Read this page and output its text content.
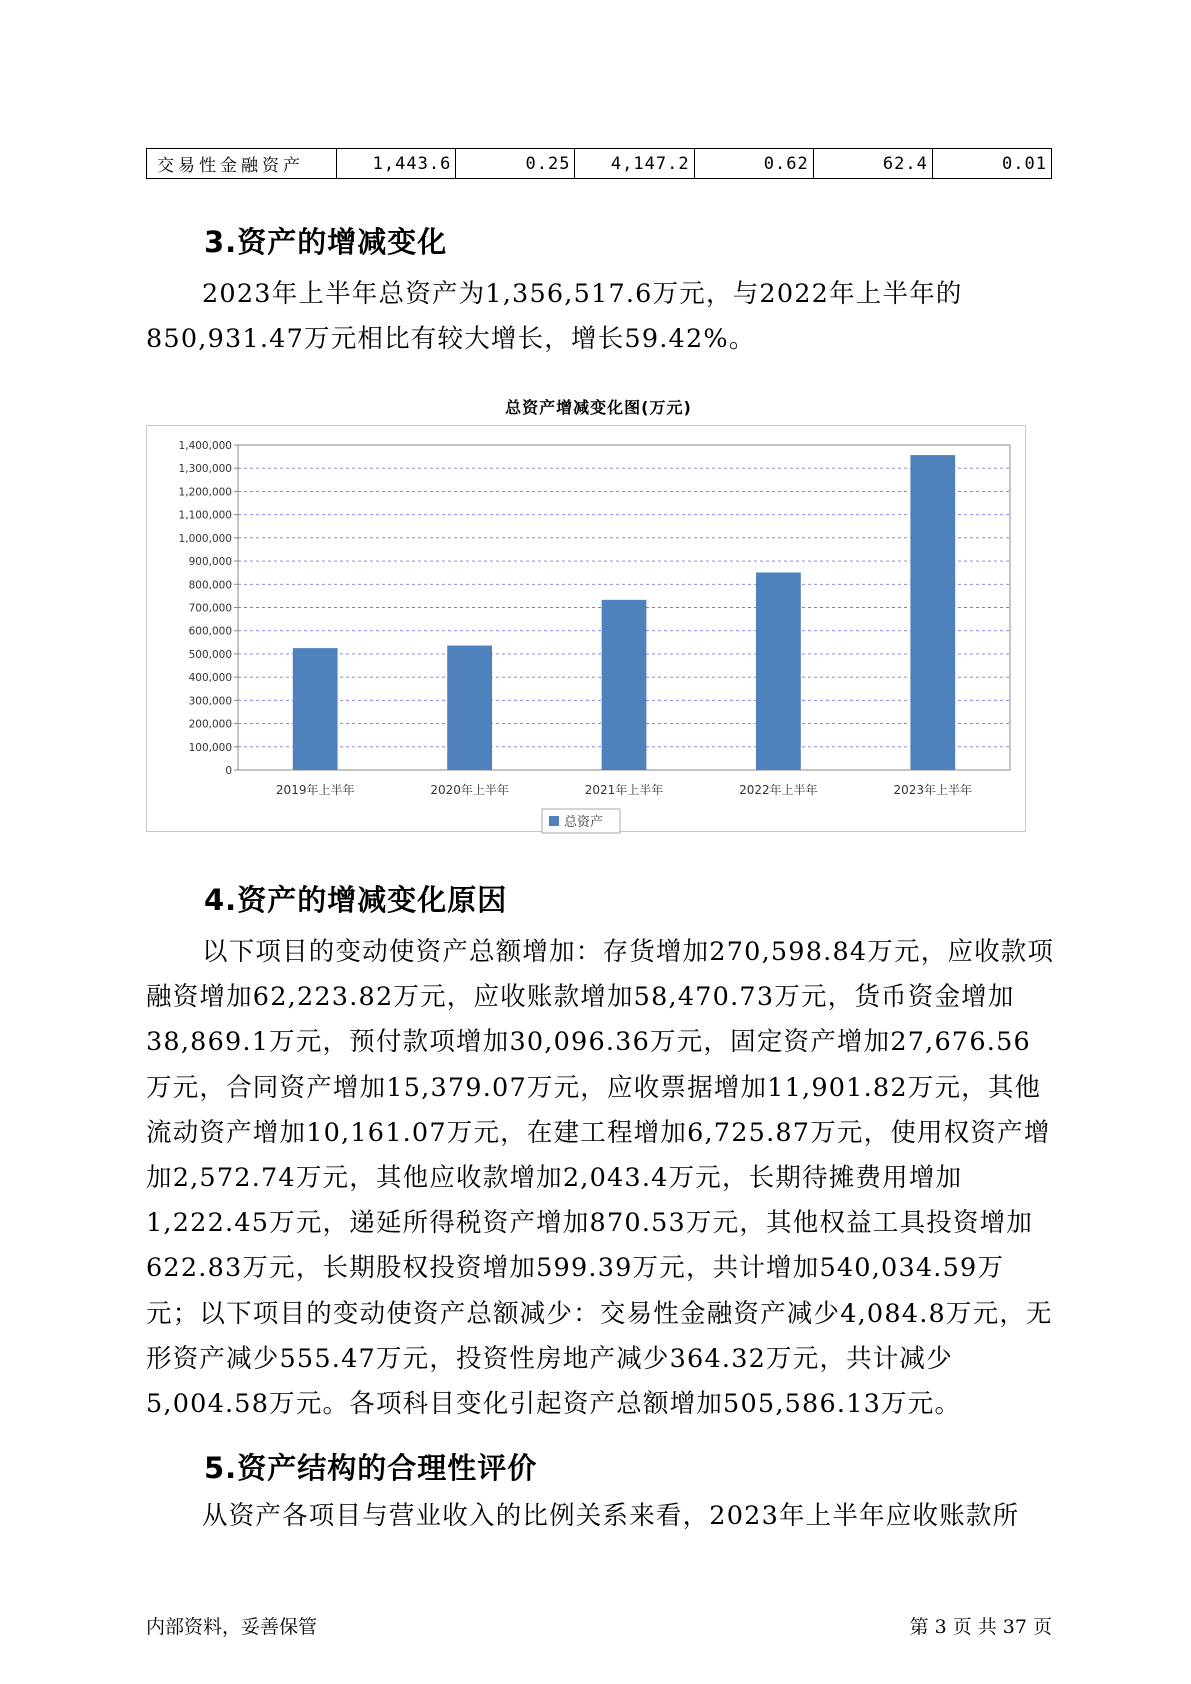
交易性金融资产	1,443.6	0.25	4,147.2	0.62	62.4	0.01
3.资产的增减变化

2023年上半年总资产为1,356,517.6万元，与2022年上半年的850,931.47万元相比有较大增长，增长59.42%。

总资产增减变化图(万元)
0
100,000
200,000
300,000
400,000
500,000
600,000
700,000
800,000
900,000
1,000,000
1,100,000
1,200,000
1,300,000
1,400,000
2019年上半年	2020年上半年	2021年上半年	2022年上半年	2023年上半年
总资产
4.资产的增减变化原因

以下项目的变动使资产总额增加：存货增加270,598.84万元，应收款项融资增加62,223.82万元，应收账款增加58,470.73万元，货币资金增加38,869.1万元，预付款项增加30,096.36万元，固定资产增加27,676.56万元，合同资产增加15,379.07万元，应收票据增加11,901.82万元，其他流动资产增加10,161.07万元，在建工程增加6,725.87万元，使用权资产增加2,572.74万元，其他应收款增加2,043.4万元，长期待摊费用增加1,222.45万元，递延所得税资产增加870.53万元，其他权益工具投资增加622.83万元，长期股权投资增加599.39万元，共计增加540,034.59万元；以下项目的变动使资产总额减少：交易性金融资产减少4,084.8万元，无形资产减少555.47万元，投资性房地产减少364.32万元，共计减少5,004.58万元。各项科目变化引起资产总额增加505,586.13万元。

5.资产结构的合理性评价

从资产各项目与营业收入的比例关系来看，2023年上半年应收账款所

内部资料，妥善保管	第 3 页 共 37 页
